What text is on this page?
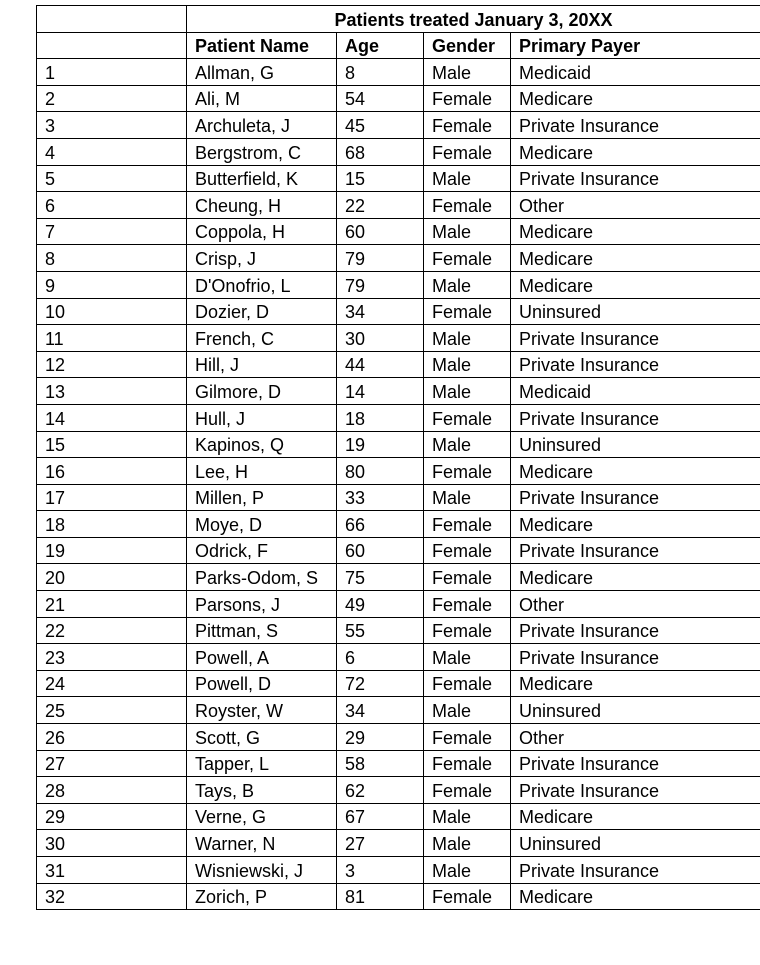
	Patients treated January 3, 20XX			
	Patient Name	Age	Gender	Primary Payer
1	Allman, G	8	Male	Medicaid
2	Ali, M	54	Female	Medicare
3	Archuleta, J	45	Female	Private Insurance
4	Bergstrom, C	68	Female	Medicare
5	Butterfield, K	15	Male	Private Insurance
6	Cheung, H	22	Female	Other
7	Coppola, H	60	Male	Medicare
8	Crisp, J	79	Female	Medicare
9	D'Onofrio, L	79	Male	Medicare
10	Dozier, D	34	Female	Uninsured
11	French, C	30	Male	Private Insurance
12	Hill, J	44	Male	Private Insurance
13	Gilmore, D	14	Male	Medicaid
14	Hull, J	18	Female	Private Insurance
15	Kapinos, Q	19	Male	Uninsured
16	Lee, H	80	Female	Medicare
17	Millen, P	33	Male	Private Insurance
18	Moye, D	66	Female	Medicare
19	Odrick, F	60	Female	Private Insurance
20	Parks-Odom, S	75	Female	Medicare
21	Parsons, J	49	Female	Other
22	Pittman, S	55	Female	Private Insurance
23	Powell, A	6	Male	Private Insurance
24	Powell, D	72	Female	Medicare
25	Royster, W	34	Male	Uninsured
26	Scott, G	29	Female	Other
27	Tapper, L	58	Female	Private Insurance
28	Tays, B	62	Female	Private Insurance
29	Verne, G	67	Male	Medicare
30	Warner, N	27	Male	Uninsured
31	Wisniewski, J	3	Male	Private Insurance
32	Zorich, P	81	Female	Medicare
